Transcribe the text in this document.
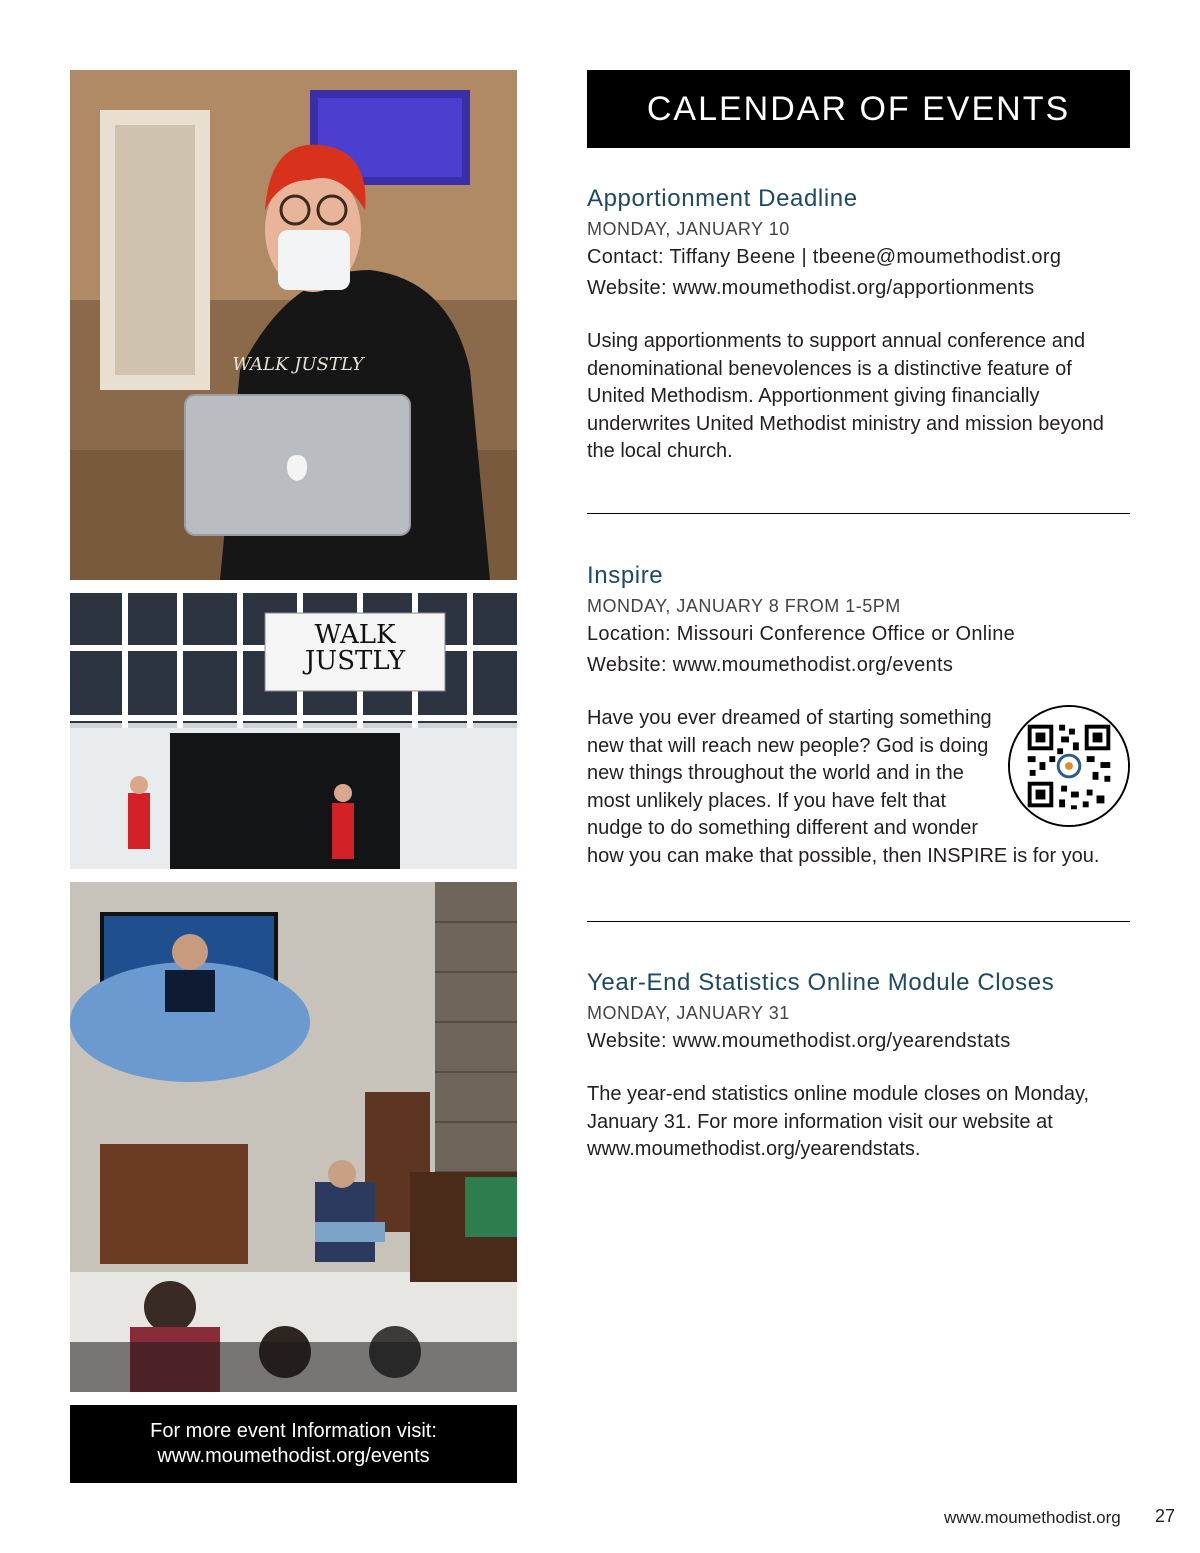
WALK JUSTLY
WALK
JUSTLY
For more event Information visit:
www.moumethodist.org/events
CALENDAR OF EVENTS
Apportionment Deadline
MONDAY, JANUARY 10
Contact: Tiffany Beene | tbeene@moumethodist.org
Website: www.moumethodist.org/apportionments
Using apportionments to support annual conference and denominational benevolences is a distinctive feature of United Methodism. Apportionment giving financially underwrites United Methodist ministry and mission beyond the local church.
Inspire
MONDAY, JANUARY 8 FROM 1-5PM
Location: Missouri Conference Office or Online
Website: www.moumethodist.org/events
Have you ever dreamed of starting something new that will reach new people? God is doing new things throughout the world and in the most unlikely places. If you have felt that nudge to do something different and wonder how you can make that possible, then INSPIRE is for you.
Year-End Statistics Online Module Closes
MONDAY, JANUARY 31
Website: www.moumethodist.org/yearendstats
The year-end statistics online module closes on Monday, January 31. For more information visit our website at www.moumethodist.org/yearendstats.
www.moumethodist.org 27
